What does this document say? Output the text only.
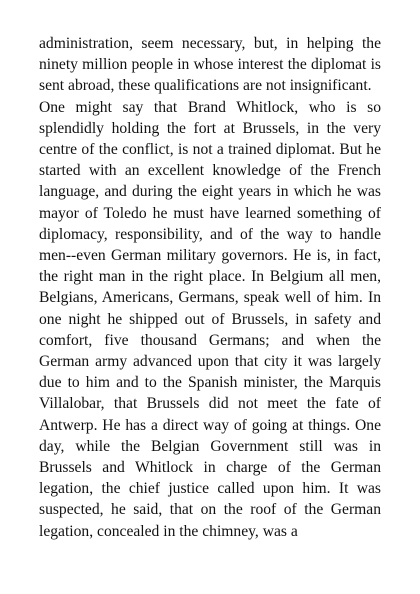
administration, seem necessary, but, in helping the ninety million people in whose interest the diplomat is sent abroad, these qualifications are not insignificant.

One might say that Brand Whitlock, who is so splendidly holding the fort at Brussels, in the very centre of the conflict, is not a trained diplomat. But he started with an excellent knowledge of the French language, and during the eight years in which he was mayor of Toledo he must have learned something of diplomacy, responsibility, and of the way to handle men--even German military governors. He is, in fact, the right man in the right place. In Belgium all men, Belgians, Americans, Germans, speak well of him. In one night he shipped out of Brussels, in safety and comfort, five thousand Germans; and when the German army advanced upon that city it was largely due to him and to the Spanish minister, the Marquis Villalobar, that Brussels did not meet the fate of Antwerp. He has a direct way of going at things. One day, while the Belgian Government still was in Brussels and Whitlock in charge of the German legation, the chief justice called upon him. It was suspected, he said, that on the roof of the German legation, concealed in the chimney, was a
